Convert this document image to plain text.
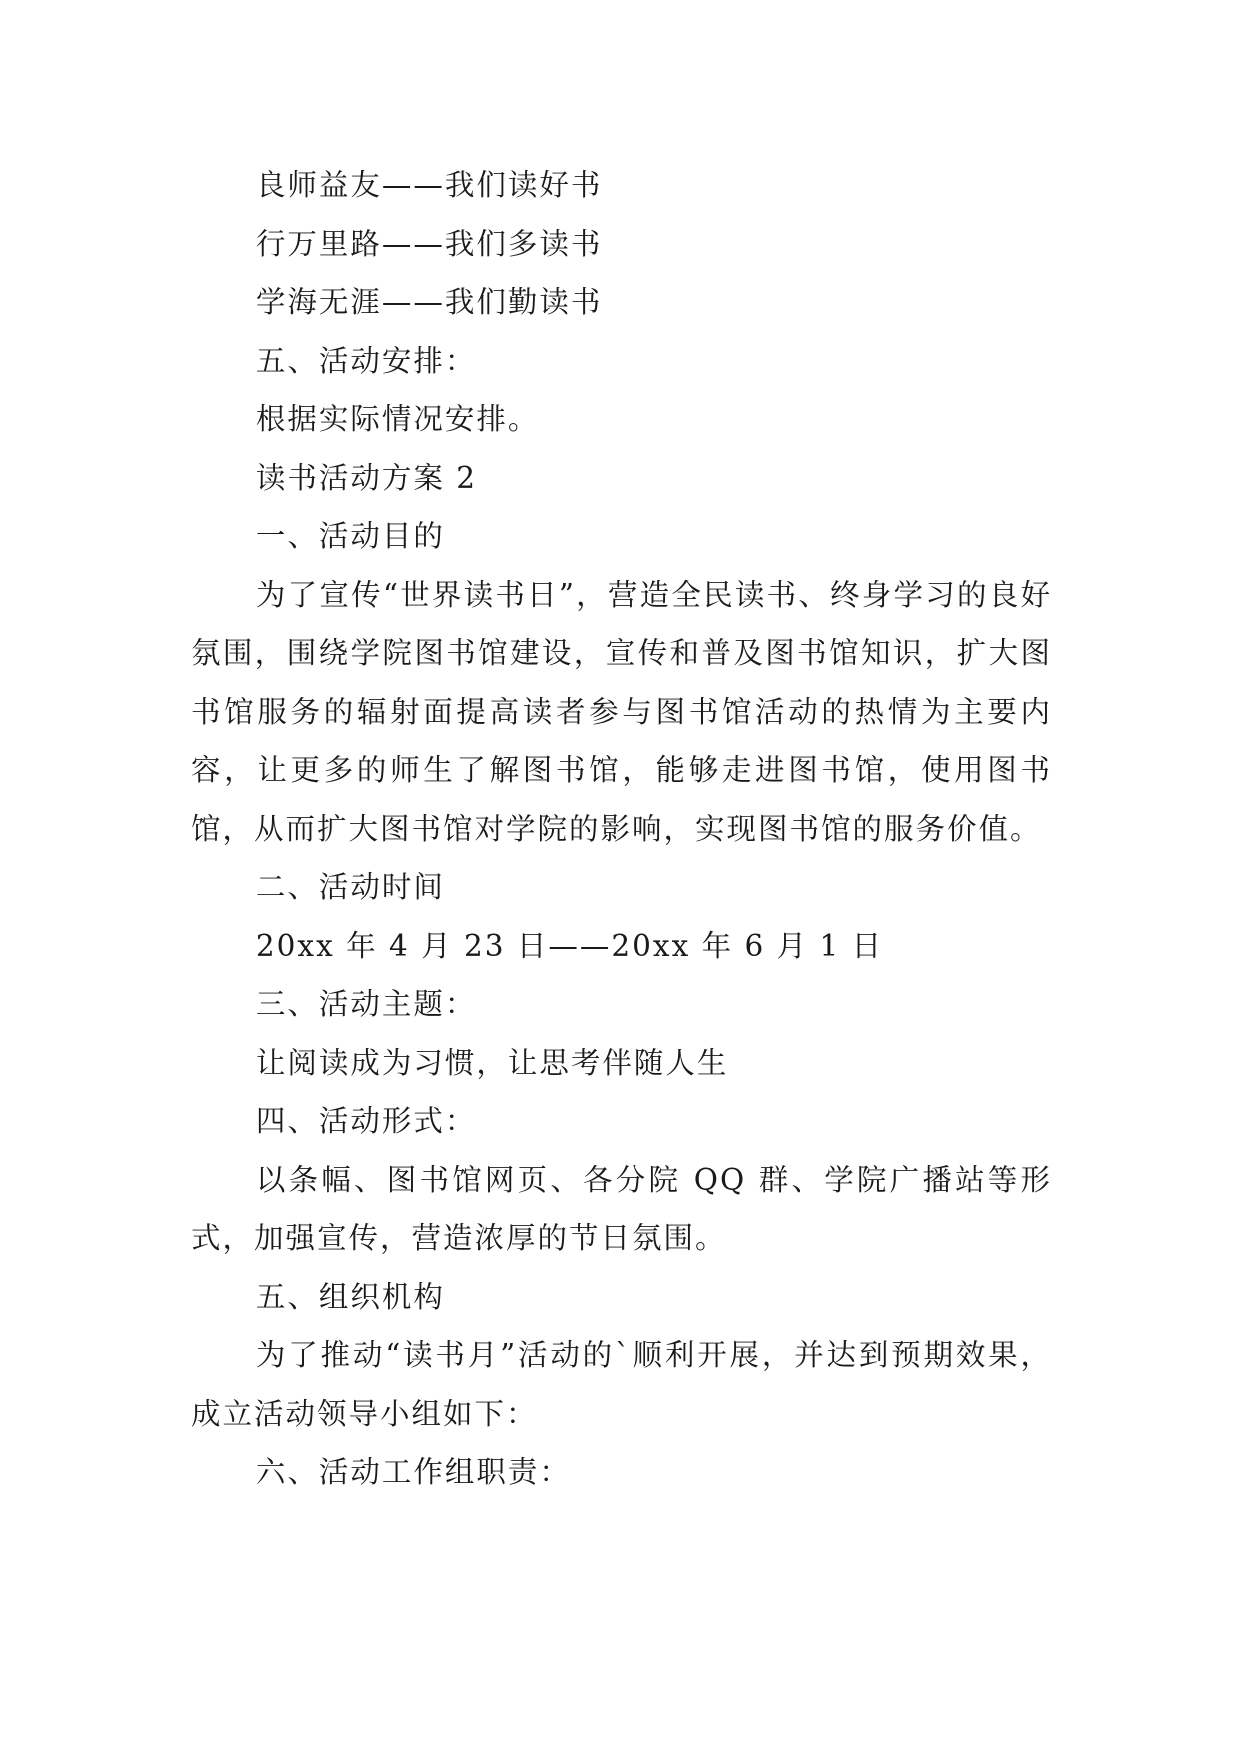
良师益友——我们读好书

行万里路——我们多读书

学海无涯——我们勤读书

五、活动安排：

根据实际情况安排。

读书活动方案 2

一、活动目的

为了宣传“世界读书日”，营造全民读书、终身学习的良好氛围，围绕学院图书馆建设，宣传和普及图书馆知识，扩大图书馆服务的辐射面提高读者参与图书馆活动的热情为主要内容，让更多的师生了解图书馆，能够走进图书馆，使用图书馆，从而扩大图书馆对学院的影响，实现图书馆的服务价值。

二、活动时间

20xx 年 4 月 23 日——20xx 年 6 月 1 日

三、活动主题：

让阅读成为习惯，让思考伴随人生

四、活动形式：

以条幅、图书馆网页、各分院 QQ 群、学院广播站等形式，加强宣传，营造浓厚的节日氛围。

五、组织机构

为了推动“读书月”活动的`顺利开展，并达到预期效果，成立活动领导小组如下：

六、活动工作组职责：
